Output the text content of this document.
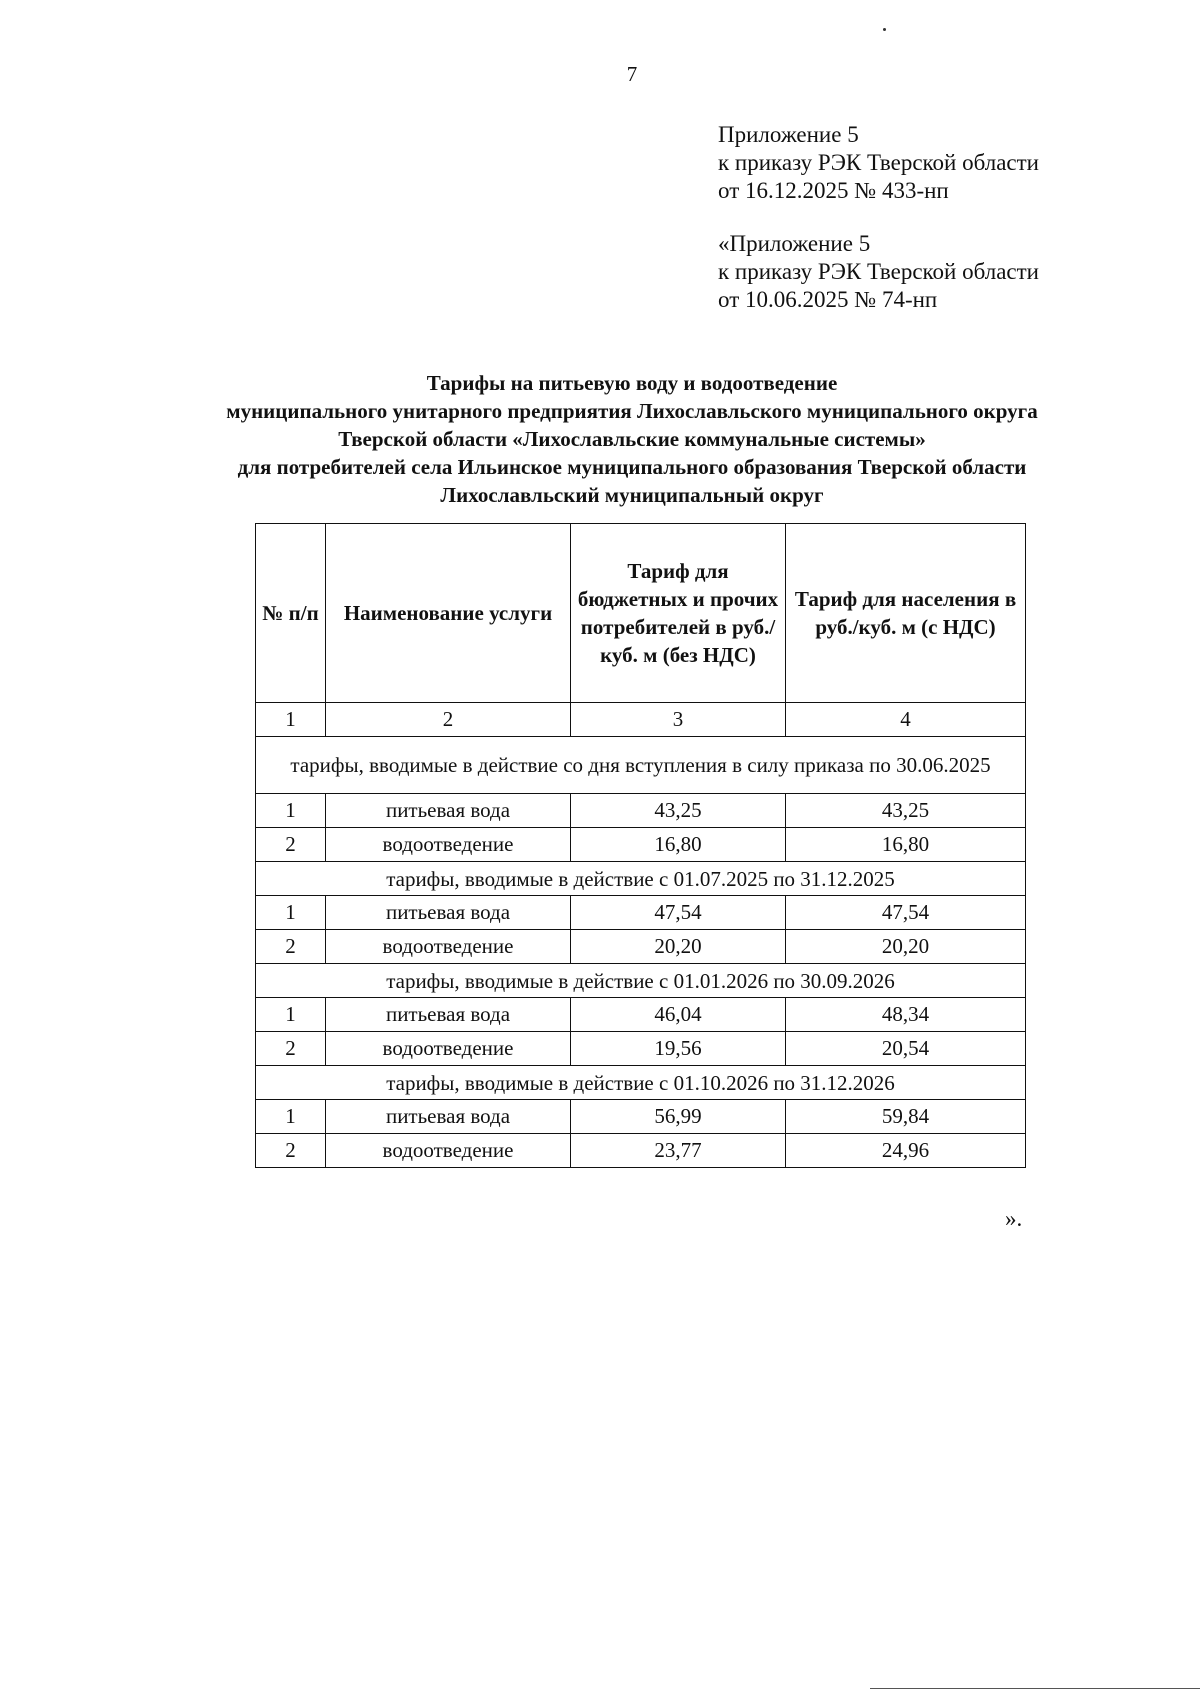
7
Приложение 5
к приказу РЭК Тверской области
от 16.12.2025 № 433-нп
«Приложение 5
к приказу РЭК Тверской области
от 10.06.2025 № 74-нп
Тарифы на питьевую воду и водоотведение
муниципального унитарного предприятия Лихославльского муниципального округа
Тверской области «Лихославльские коммунальные системы»
для потребителей села Ильинское муниципального образования Тверской области
Лихославльский муниципальный округ
№ п/п	Наименование услуги	Тариф для бюджетных и прочих потребителей в руб./куб. м (без НДС)	Тариф для населения в руб./куб. м (с НДС)
1	2	3	4
тарифы, вводимые в действие со дня вступления в силу приказа по 30.06.2025			
1	питьевая вода	43,25	43,25
2	водоотведение	16,80	16,80
тарифы, вводимые в действие с 01.07.2025 по 31.12.2025			
1	питьевая вода	47,54	47,54
2	водоотведение	20,20	20,20
тарифы, вводимые в действие с 01.01.2026 по 30.09.2026			
1	питьевая вода	46,04	48,34
2	водоотведение	19,56	20,54
тарифы, вводимые в действие с 01.10.2026 по 31.12.2026			
1	питьевая вода	56,99	59,84
2	водоотведение	23,77	24,96
».
